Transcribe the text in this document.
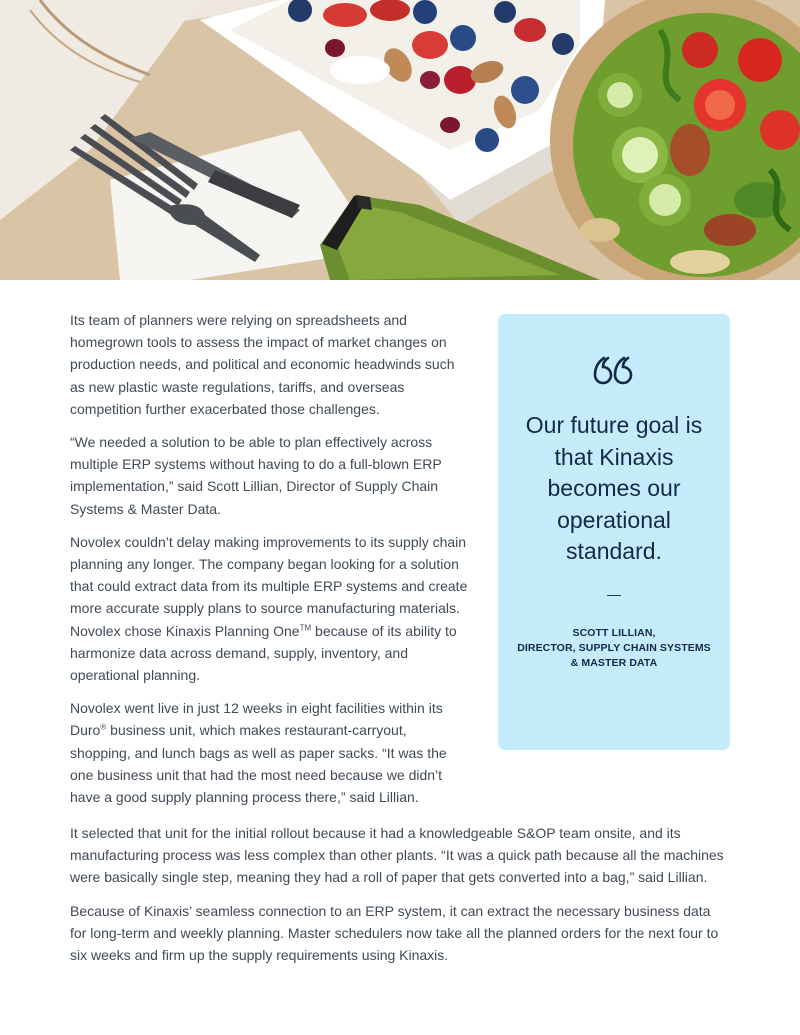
Its team of planners were relying on spreadsheets and homegrown tools to assess the impact of market changes on production needs, and political and economic headwinds such as new plastic waste regulations, tariffs, and overseas competition further exacerbated those challenges.

“We needed a solution to be able to plan effectively across multiple ERP systems without having to do a full-blown ERP implementation,” said Scott Lillian, Director of Supply Chain Systems & Master Data.

Novolex couldn’t delay making improvements to its supply chain planning any longer. The company began looking for a solution that could extract data from its multiple ERP systems and create more accurate supply plans to source manufacturing materials. Novolex chose Kinaxis Planning One™ because of its ability to harmonize data across demand, supply, inventory, and operational planning.

Novolex went live in just 12 weeks in eight facilities within its Duro® business unit, which makes restaurant-carryout, shopping, and lunch bags as well as paper sacks. “It was the one business unit that had the most need because we didn’t have a good supply planning process there,” said Lillian.

It selected that unit for the initial rollout because it had a knowledgeable S&OP team onsite, and its manufacturing process was less complex than other plants. “It was a quick path because all the machines were basically single step, meaning they had a roll of paper that gets converted into a bag,” said Lillian.

Because of Kinaxis’ seamless connection to an ERP system, it can extract the necessary business data for long-term and weekly planning. Master schedulers now take all the planned orders for the next four to six weeks and firm up the supply requirements using Kinaxis.

Our future goal is that Kinaxis becomes our operational standard.
—
SCOTT LILLIAN,
DIRECTOR, SUPPLY CHAIN SYSTEMS
& MASTER DATA
